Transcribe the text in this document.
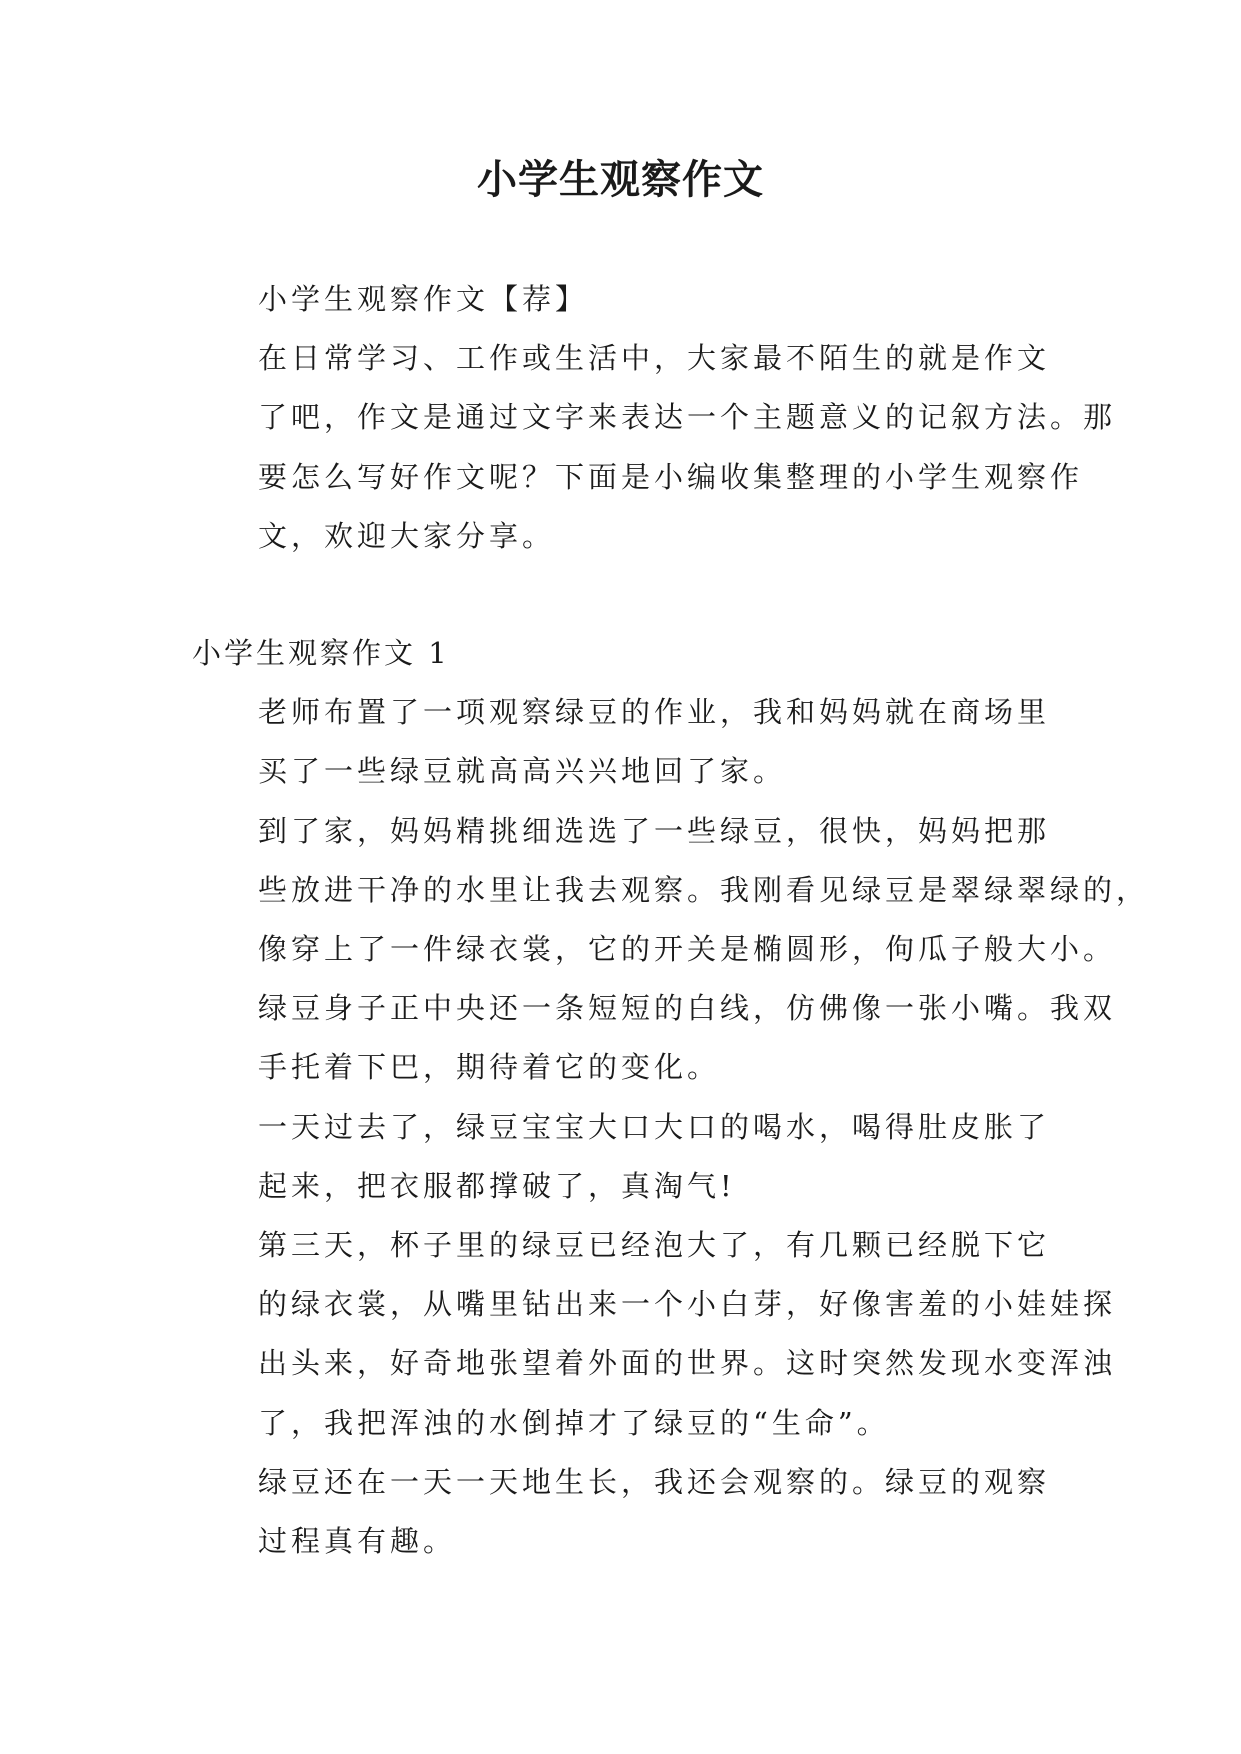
小学生观察作文

小学生观察作文【荐】

在日常学习、工作或生活中，大家最不陌生的就是作文
了吧，作文是通过文字来表达一个主题意义的记叙方法。那
要怎么写好作文呢？下面是小编收集整理的小学生观察作
文，欢迎大家分享。

小学生观察作文 1

老师布置了一项观察绿豆的作业，我和妈妈就在商场里
买了一些绿豆就高高兴兴地回了家。

到了家，妈妈精挑细选选了一些绿豆，很快，妈妈把那
些放进干净的水里让我去观察。我刚看见绿豆是翠绿翠绿的，
像穿上了一件绿衣裳，它的开关是椭圆形，佝瓜子般大小。
绿豆身子正中央还一条短短的白线，仿佛像一张小嘴。我双
手托着下巴，期待着它的变化。

一天过去了，绿豆宝宝大口大口的喝水，喝得肚皮胀了
起来，把衣服都撑破了，真淘气!

第三天，杯子里的绿豆已经泡大了，有几颗已经脱下它
的绿衣裳，从嘴里钻出来一个小白芽，好像害羞的小娃娃探
出头来，好奇地张望着外面的世界。这时突然发现水变浑浊
了，我把浑浊的水倒掉才了绿豆的“生命”。

绿豆还在一天一天地生长，我还会观察的。绿豆的观察
过程真有趣。
